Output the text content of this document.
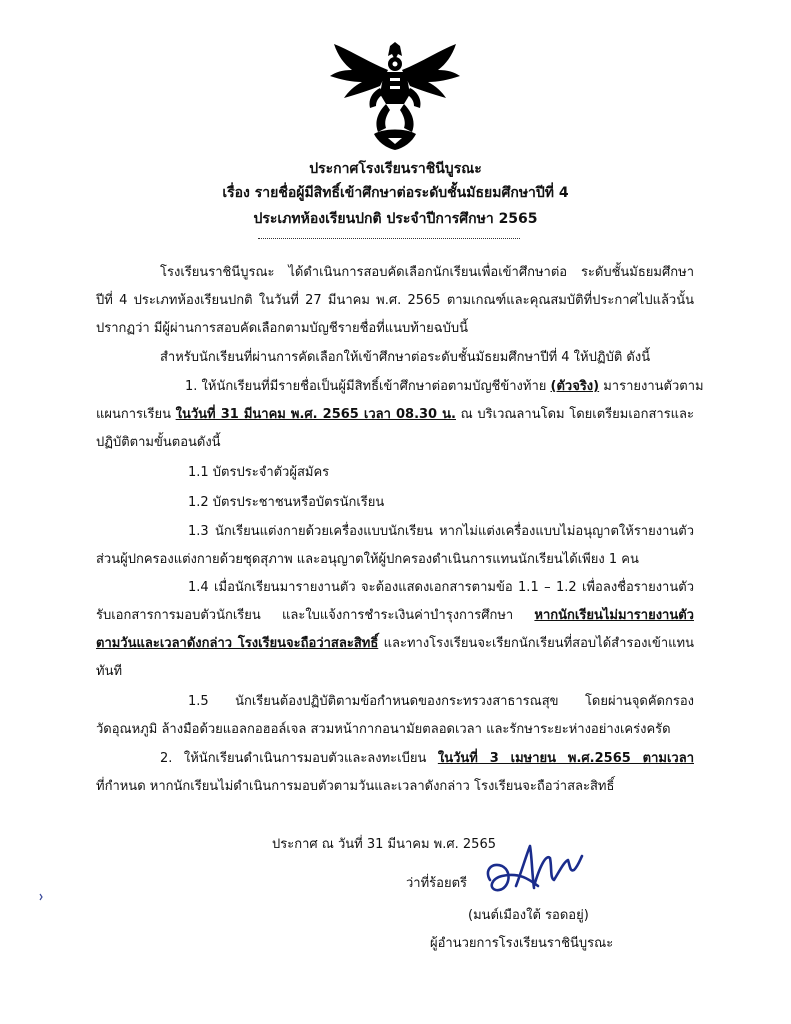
ประกาศโรงเรียนราชินีบูรณะ
เรื่อง รายชื่อผู้มีสิทธิ์เข้าศึกษาต่อระดับชั้นมัธยมศึกษาปีที่ 4
ประเภทห้องเรียนปกติ ประจำปีการศึกษา 2565
โรงเรียนราชินีบูรณะ ได้ดำเนินการสอบคัดเลือกนักเรียนเพื่อเข้าศึกษาต่อ ระดับชั้นมัธยมศึกษา
ปีที่ 4 ประเภทห้องเรียนปกติ ในวันที่ 27 มีนาคม พ.ศ. 2565 ตามเกณฑ์และคุณสมบัติที่ประกาศไปแล้วนั้น
ปรากฏว่า มีผู้ผ่านการสอบคัดเลือกตามบัญชีรายชื่อที่แนบท้ายฉบับนี้
สำหรับนักเรียนที่ผ่านการคัดเลือกให้เข้าศึกษาต่อระดับชั้นมัธยมศึกษาปีที่ 4 ให้ปฏิบัติ ดังนี้
1. ให้นักเรียนที่มีรายชื่อเป็นผู้มีสิทธิ์เข้าศึกษาต่อตามบัญชีข้างท้าย (ตัวจริง) มารายงานตัวตาม
แผนการเรียน ในวันที่ 31 มีนาคม พ.ศ. 2565 เวลา 08.30 น. ณ บริเวณลานโดม โดยเตรียมเอกสารและ
ปฏิบัติตามขั้นตอนดังนี้
1.1 บัตรประจำตัวผู้สมัคร
1.2 บัตรประชาชนหรือบัตรนักเรียน
1.3 นักเรียนแต่งกายด้วยเครื่องแบบนักเรียน หากไม่แต่งเครื่องแบบไม่อนุญาตให้รายงานตัว
ส่วนผู้ปกครองแต่งกายด้วยชุดสุภาพ และอนุญาตให้ผู้ปกครองดำเนินการแทนนักเรียนได้เพียง 1 คน
1.4 เมื่อนักเรียนมารายงานตัว จะต้องแสดงเอกสารตามข้อ 1.1 – 1.2 เพื่อลงชื่อรายงานตัว
รับเอกสารการมอบตัวนักเรียน และใบแจ้งการชำระเงินค่าบำรุงการศึกษา หากนักเรียนไม่มารายงานตัว
ตามวันและเวลาดังกล่าว โรงเรียนจะถือว่าสละสิทธิ์ และทางโรงเรียนจะเรียกนักเรียนที่สอบได้สำรองเข้าแทน
ทันที
1.5 นักเรียนต้องปฏิบัติตามข้อกำหนดของกระทรวงสาธารณสุข โดยผ่านจุดคัดกรอง
วัดอุณหภูมิ ล้างมือด้วยแอลกอฮอล์เจล สวมหน้ากากอนามัยตลอดเวลา และรักษาระยะห่างอย่างเคร่งครัด
2. ให้นักเรียนดำเนินการมอบตัวและลงทะเบียน ในวันที่ 3 เมษายน พ.ศ.2565 ตามเวลา
ที่กำหนด หากนักเรียนไม่ดำเนินการมอบตัวตามวันและเวลาดังกล่าว โรงเรียนจะถือว่าสละสิทธิ์
ประกาศ ณ วันที่ 31 มีนาคม พ.ศ. 2565
ว่าที่ร้อยตรี
(มนต์เมืองใต้ รอดอยู่)
ผู้อำนวยการโรงเรียนราชินีบูรณะ
